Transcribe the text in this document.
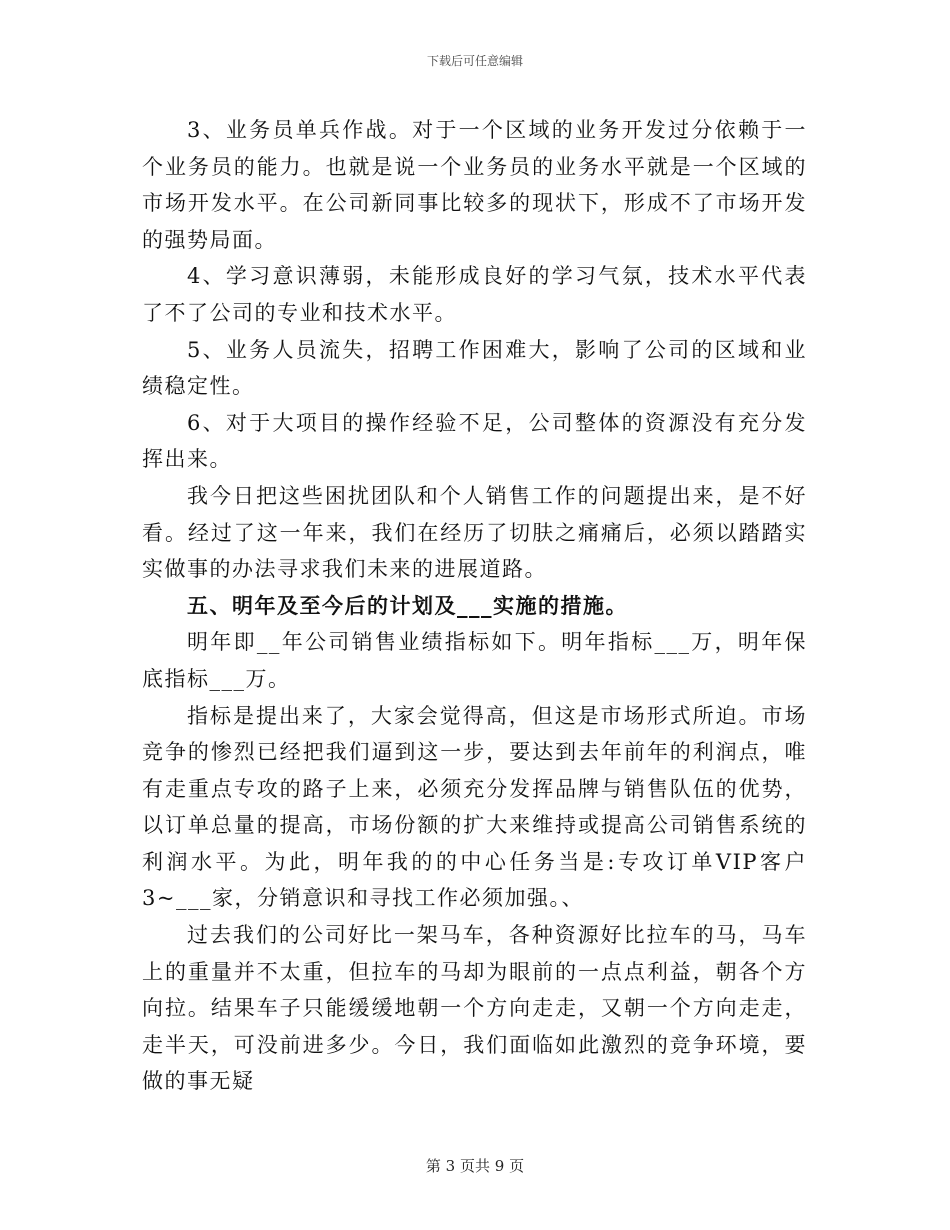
下载后可任意编辑

3、业务员单兵作战。对于一个区域的业务开发过分依赖于一个业务员的能力。也就是说一个业务员的业务水平就是一个区域的市场开发水平。在公司新同事比较多的现状下，形成不了市场开发的强势局面。

4、学习意识薄弱，未能形成良好的学习气氛，技术水平代表了不了公司的专业和技术水平。

5、业务人员流失，招聘工作困难大，影响了公司的区域和业绩稳定性。

6、对于大项目的操作经验不足，公司整体的资源没有充分发挥出来。

我今日把这些困扰团队和个人销售工作的问题提出来，是不好看。经过了这一年来，我们在经历了切肤之痛痛后，必须以踏踏实实做事的办法寻求我们未来的进展道路。

五、明年及至今后的计划及___实施的措施。

明年即__年公司销售业绩指标如下。明年指标___万，明年保底指标___万。

指标是提出来了，大家会觉得高，但这是市场形式所迫。市场竞争的惨烈已经把我们逼到这一步，要达到去年前年的利润点，唯有走重点专攻的路子上来，必须充分发挥品牌与销售队伍的优势，以订单总量的提高，市场份额的扩大来维持或提高公司销售系统的利润水平。为此，明年我的的中心任务当是:专攻订单VIP客户3~___家，分销意识和寻找工作必须加强。、

过去我们的公司好比一架马车，各种资源好比拉车的马，马车上的重量并不太重，但拉车的马却为眼前的一点点利益，朝各个方向拉。结果车子只能缓缓地朝一个方向走走，又朝一个方向走走，走半天，可没前进多少。今日，我们面临如此激烈的竞争环境，要做的事无疑

第 3 页共 9 页
